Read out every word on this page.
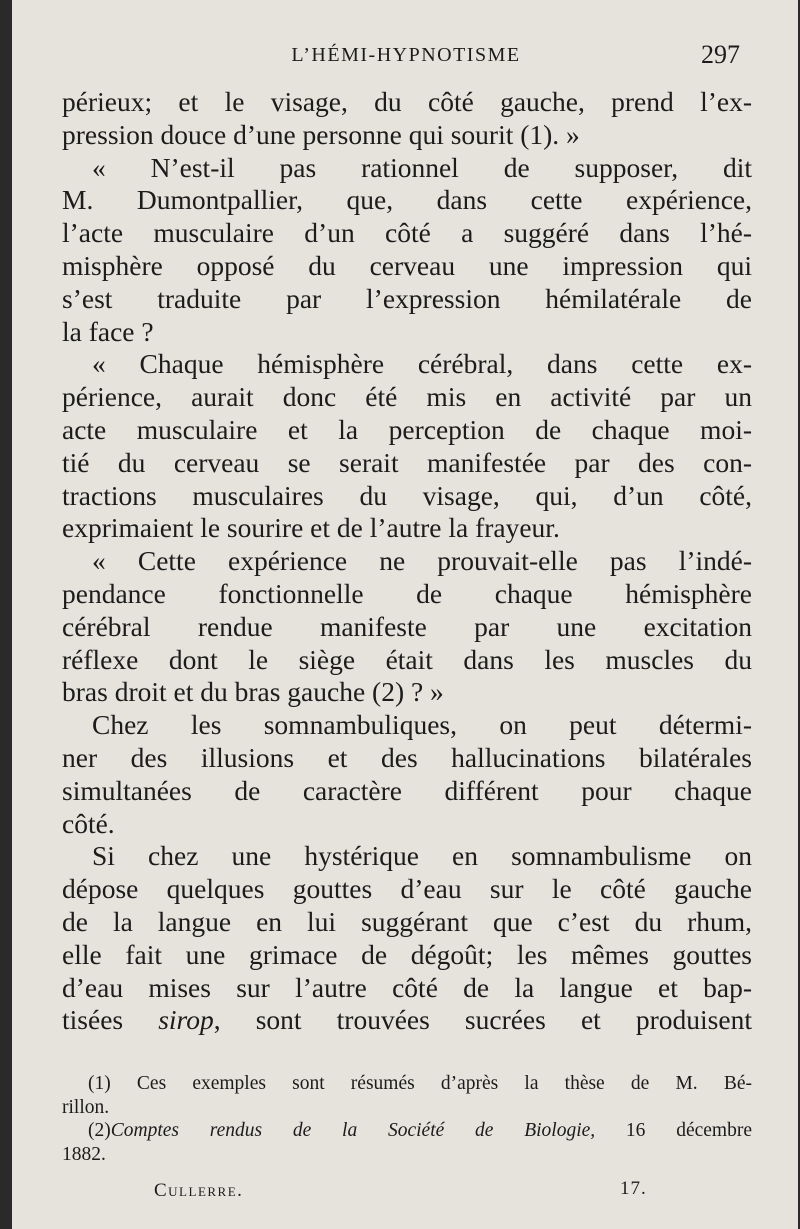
L’HÉMI-HYPNOTISME	297
périeux; et le visage, du côté gauche, prend l’ex-
pression douce d’une personne qui sourit (1). »
« N’est-il pas rationnel de supposer, dit
M. Dumontpallier, que, dans cette expérience,
l’acte musculaire d’un côté a suggéré dans l’hé-
misphère opposé du cerveau une impression qui
s’est traduite par l’expression hémilatérale de
la face ?
« Chaque hémisphère cérébral, dans cette ex-
périence, aurait donc été mis en activité par un
acte musculaire et la perception de chaque moi-
tié du cerveau se serait manifestée par des con-
tractions musculaires du visage, qui, d’un côté,
exprimaient le sourire et de l’autre la frayeur.
« Cette expérience ne prouvait-elle pas l’indé-
pendance fonctionnelle de chaque hémisphère
cérébral rendue manifeste par une excitation
réflexe dont le siège était dans les muscles du
bras droit et du bras gauche (2) ? »
Chez les somnambuliques, on peut détermi-
ner des illusions et des hallucinations bilatérales
simultanées de caractère différent pour chaque
côté.
Si chez une hystérique en somnambulisme on
dépose quelques gouttes d’eau sur le côté gauche
de la langue en lui suggérant que c’est du rhum,
elle fait une grimace de dégoût; les mêmes gouttes
d’eau mises sur l’autre côté de la langue et bap-
tisées sirop, sont trouvées sucrées et produisent
(1) Ces exemples sont résumés d’après la thèse de M. Bé-
rillon.
(2)Comptes rendus de la Société de Biologie, 16 décembre
1882.
Cullerre.	17.
